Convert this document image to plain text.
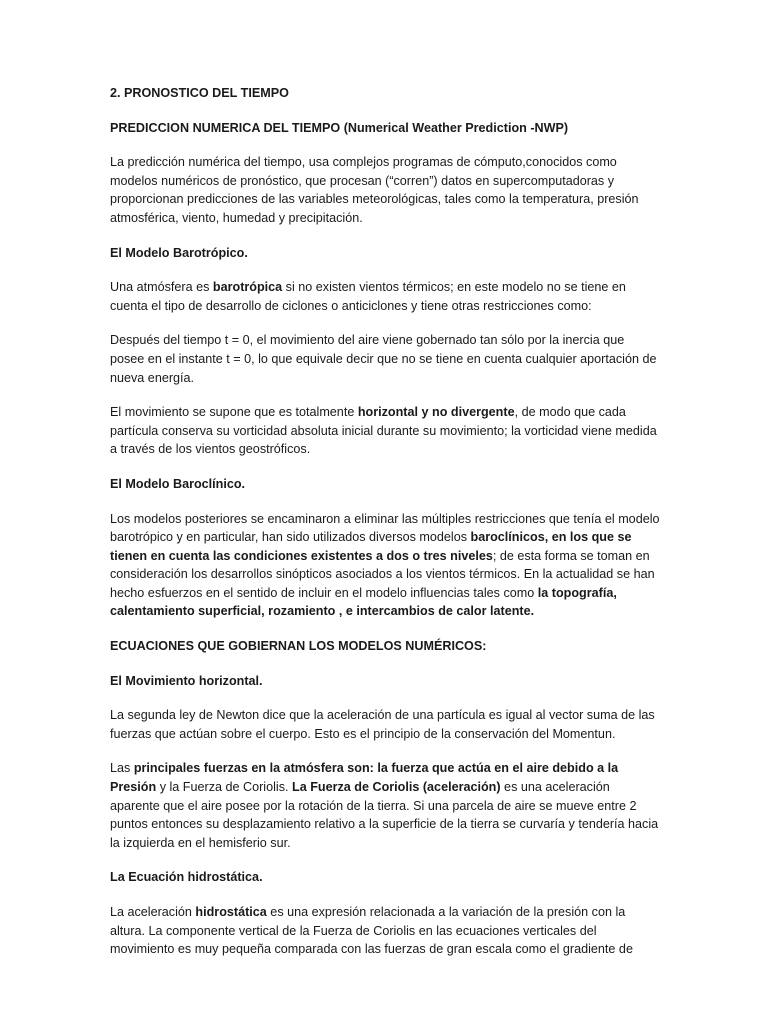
2. PRONOSTICO DEL TIEMPO

PREDICCION NUMERICA DEL TIEMPO (Numerical Weather Prediction -NWP)

La predicción numérica del tiempo, usa complejos programas de cómputo,conocidos como modelos numéricos de pronóstico, que procesan (“corren”) datos en supercomputadoras y proporcionan predicciones de las variables meteorológicas, tales como la temperatura, presión atmosférica, viento, humedad y precipitación.

El Modelo Barotrópico.

Una atmósfera es barotrópica si no existen vientos térmicos; en este modelo no se tiene en cuenta el tipo de desarrollo de ciclones o anticiclones y tiene otras restricciones como:

Después del tiempo t = 0, el movimiento del aire viene gobernado tan sólo por la inercia que posee en el instante t = 0, lo que equivale decir que no se tiene en cuenta cualquier aportación de nueva energía.

El movimiento se supone que es totalmente horizontal y no divergente, de modo que cada partícula conserva su vorticidad absoluta inicial durante su movimiento; la vorticidad viene medida a través de los vientos geostróficos.

El Modelo Baroclínico.

Los modelos posteriores se encaminaron a eliminar las múltiples restricciones que tenía el modelo barotrópico y en particular, han sido utilizados diversos modelos baroclínicos, en los que se tienen en cuenta las condiciones existentes a dos o tres niveles; de esta forma se toman en consideración los desarrollos sinópticos asociados a los vientos térmicos. En la actualidad se han hecho esfuerzos en el sentido de incluir en el modelo influencias tales como la topografía, calentamiento superficial, rozamiento , e intercambios de calor latente.

ECUACIONES QUE GOBIERNAN LOS MODELOS NUMÉRICOS:

El Movimiento horizontal.

La segunda ley de Newton dice que la aceleración de una partícula es igual al vector suma de las fuerzas que actúan sobre el cuerpo. Esto es el principio de la conservación del Momentun.

Las principales fuerzas en la atmósfera son: la fuerza que actúa en el aire debido a la Presión y la Fuerza de Coriolis. La Fuerza de Coriolis (aceleración) es una aceleración aparente que el aire posee por la rotación de la tierra. Si una parcela de aire se mueve entre 2 puntos entonces su desplazamiento relativo a la superficie de la tierra se curvaría y tendería hacia la izquierda en el hemisferio sur.

La Ecuación hidrostática.

La aceleración hidrostática es una expresión relacionada a la variación de la presión con la altura. La componente vertical de la Fuerza de Coriolis en las ecuaciones verticales del movimiento es muy pequeña comparada con las fuerzas de gran escala como el gradiente de
